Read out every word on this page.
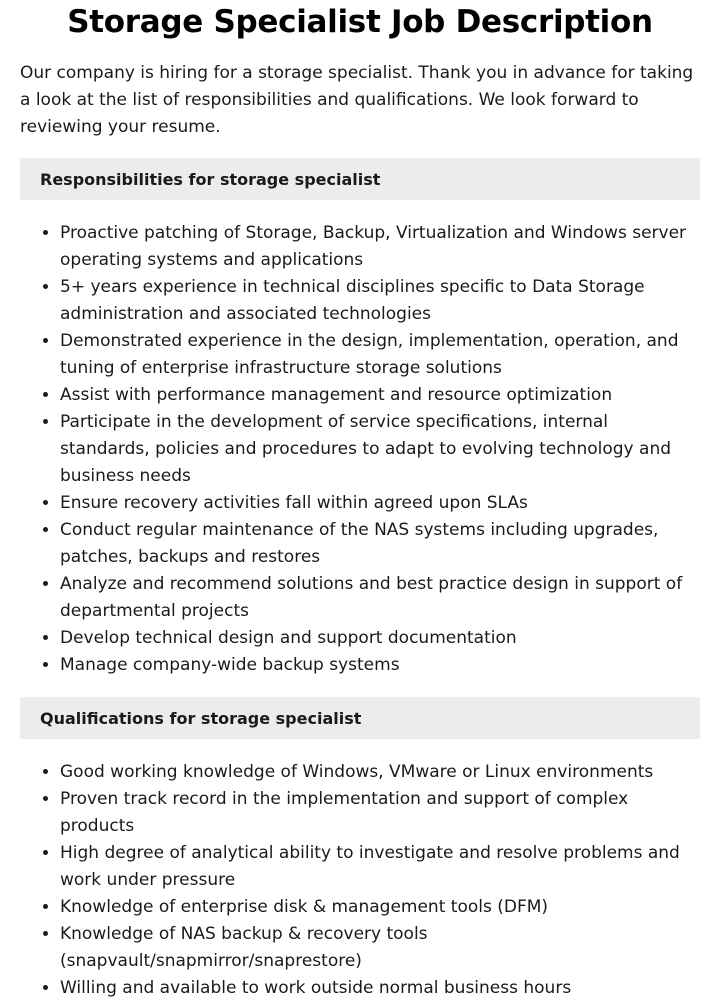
Storage Specialist Job Description

Our company is hiring for a storage specialist. Thank you in advance for taking a look at the list of responsibilities and qualifications. We look forward to reviewing your resume.

Responsibilities for storage specialist
• Proactive patching of Storage, Backup, Virtualization and Windows server operating systems and applications
• 5+ years experience in technical disciplines specific to Data Storage administration and associated technologies
• Demonstrated experience in the design, implementation, operation, and tuning of enterprise infrastructure storage solutions
• Assist with performance management and resource optimization
• Participate in the development of service specifications, internal standards, policies and procedures to adapt to evolving technology and business needs
• Ensure recovery activities fall within agreed upon SLAs
• Conduct regular maintenance of the NAS systems including upgrades, patches, backups and restores
• Analyze and recommend solutions and best practice design in support of departmental projects
• Develop technical design and support documentation
• Manage company-wide backup systems
Qualifications for storage specialist
• Good working knowledge of Windows, VMware or Linux environments
• Proven track record in the implementation and support of complex products
• High degree of analytical ability to investigate and resolve problems and work under pressure
• Knowledge of enterprise disk & management tools (DFM)
• Knowledge of NAS backup & recovery tools (snapvault/snapmirror/snaprestore)
• Willing and available to work outside normal business hours
